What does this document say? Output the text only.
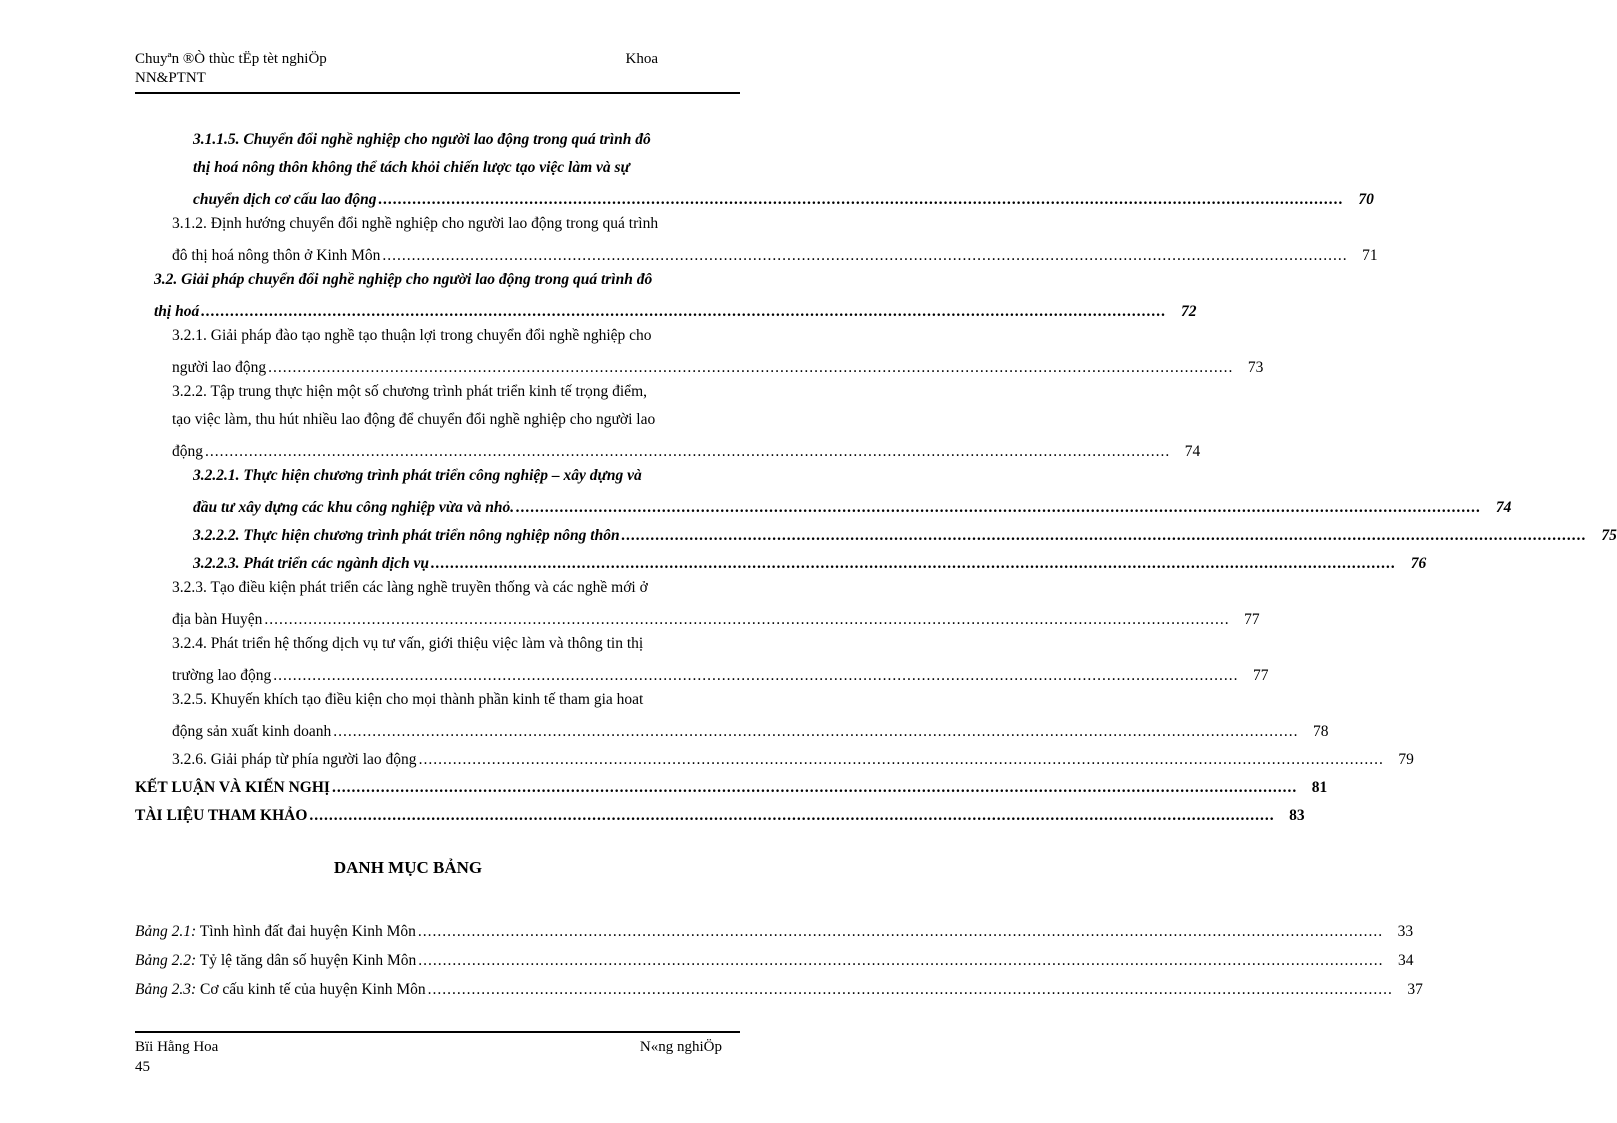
Chuyªn ®Ò thùc tËp tèt nghiÖp	Khoa
NN&PTNT
3.1.1.5. Chuyển đổi nghề nghiệp cho người lao động trong quá trình đô
thị hoá nông thôn không thể tách khỏi chiến lược tạo việc làm và sự
chuyển dịch cơ cấu lao động .....	70
3.1.2. Định hướng chuyển đổi nghề nghiệp cho người lao động trong quá trình
đô thị hoá nông thôn ở Kinh Môn .....	71
3.2. Giải pháp chuyển đổi nghề nghiệp cho người lao động trong quá trình đô
thị hoá .....	72
3.2.1. Giải pháp đào tạo nghề tạo thuận lợi trong chuyển đổi nghề nghiệp cho
người lao động .....	73
3.2.2. Tập trung thực hiện một số chương trình phát triển kinh tế trọng điểm,
tạo việc làm, thu hút nhiều lao động để chuyển đổi nghề nghiệp cho người lao
động .....	74
3.2.2.1. Thực hiện chương trình phát triển công nghiệp – xây dựng và
đầu tư xây dựng các khu công nghiệp vừa và nhỏ. .....	74
3.2.2.2. Thực hiện chương trình phát triển nông nghiệp nông thôn .....	75
3.2.2.3. Phát triển các ngành dịch vụ .....	76
3.2.3. Tạo điều kiện phát triển các làng nghề truyền thống và các nghề mới ở
địa bàn Huyện .....	77
3.2.4. Phát triển hệ thống dịch vụ tư vấn, giới thiệu việc làm và thông tin thị
trường lao động .....	77
3.2.5. Khuyến khích tạo điều kiện cho mọi thành phần kinh tế tham gia hoat
động sản xuất kinh doanh .....	78
3.2.6. Giải pháp từ phía người lao động .....	79
KẾT LUẬN VÀ KIẾN NGHỊ .....	81
TÀI LIỆU THAM KHẢO .....	83
DANH MỤC BẢNG
Bảng 2.1: Tình hình đất đai huyện Kinh Môn .....	33
Bảng 2.2: Tỷ lệ tăng dân số huyện Kinh Môn .....	34
Bảng 2.3: Cơ cấu kinh tế của huyện Kinh Môn .....	37
Bïi Hằng Hoa	N«ng nghiÖp
45
